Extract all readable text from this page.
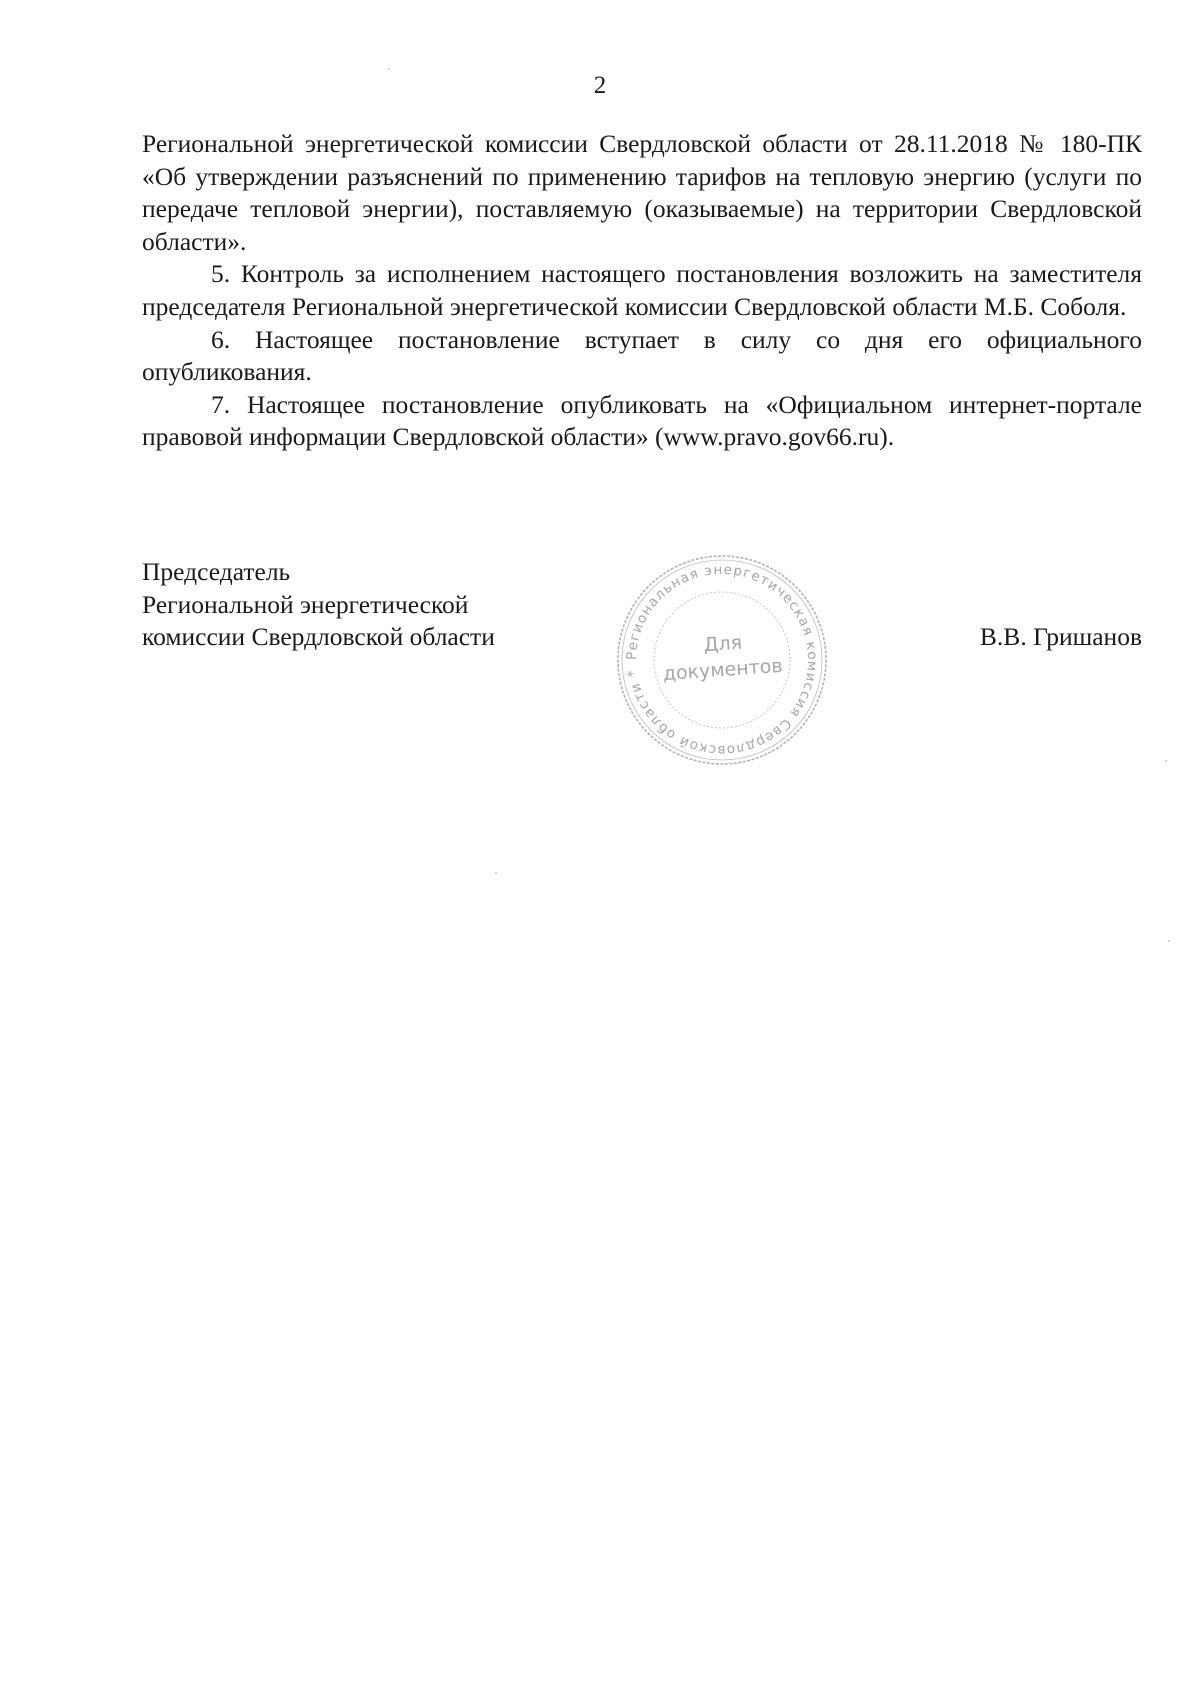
2

Региональной энергетической комиссии Свердловской области от 28.11.2018 № 180-ПК «Об утверждении разъяснений по применению тарифов на тепловую энергию (услуги по передаче тепловой энергии), поставляемую (оказываемые) на территории Свердловской области».

5. Контроль за исполнением настоящего постановления возложить на заместителя председателя Региональной энергетической комиссии Свердловской области М.Б. Соболя.

6. Настоящее постановление вступает в силу со дня его официального опубликования.

7. Настоящее постановление опубликовать на «Официальном интернет-портале правовой информации Свердловской области» (www.pravo.gov66.ru).

Председатель
Региональной энергетической
комиссии Свердловской области	В.В. Гришанов
Региональная энергетическая комиссия Свердловской области *
Для
документов
